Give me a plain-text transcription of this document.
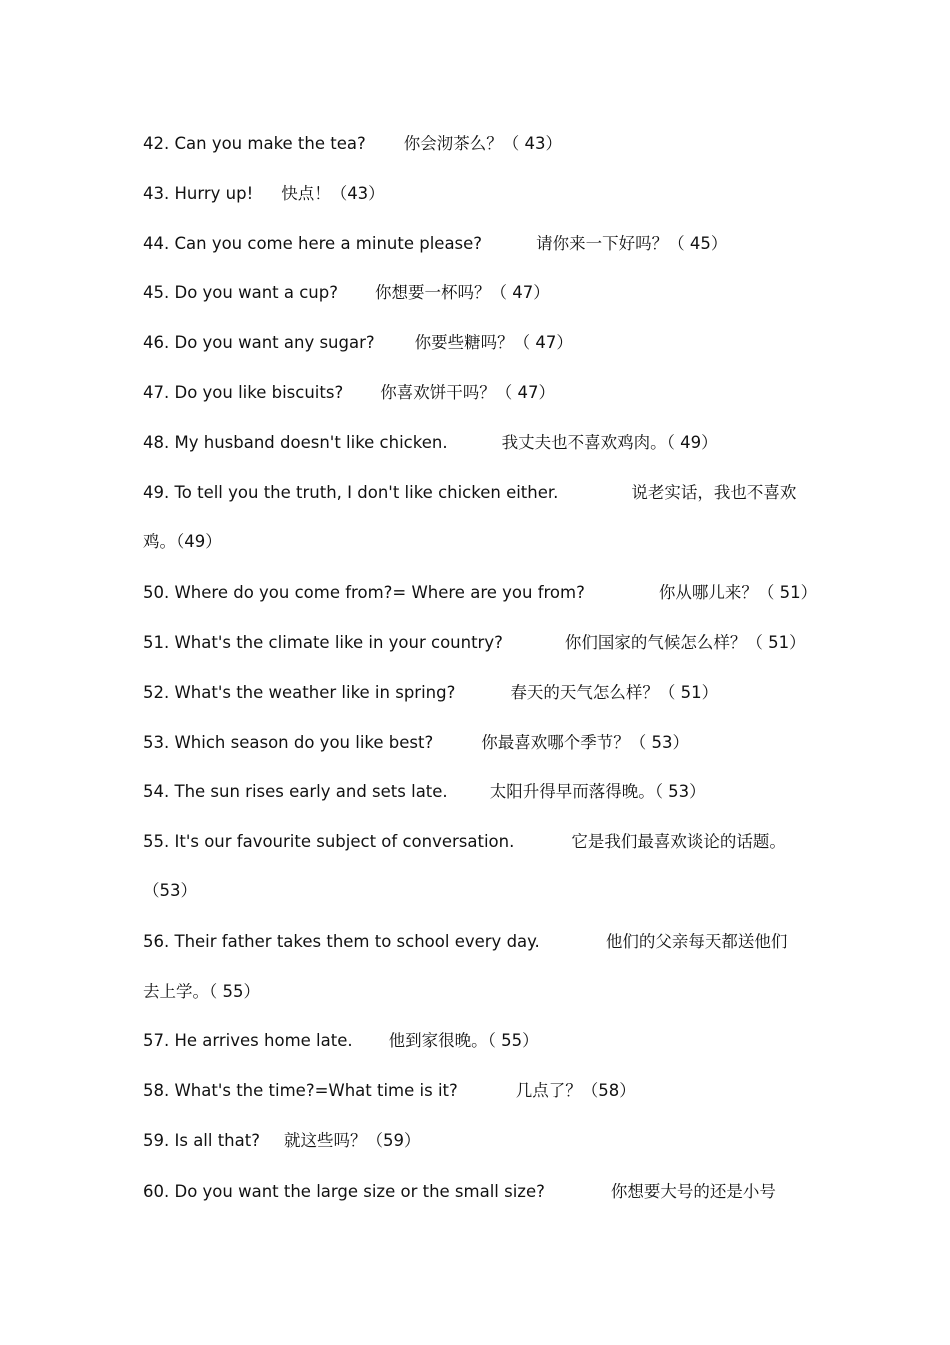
42. Can you make the tea? 你会沏茶么？（ 43）
43. Hurry up! 快点！（43）
44. Can you come here a minute please?	请你来一下好吗？（ 45）
45. Do you want a cup? 你想要一杯吗？（ 47）
46. Do you want any sugar? 你要些糖吗？（ 47）
47. Do you like biscuits? 你喜欢饼干吗？（ 47）
48. My husband doesn't like chicken.	我丈夫也不喜欢鸡肉。（ 49）
49. To tell you the truth, I don't like chicken either.	说老实话，我也不喜欢
鸡。（49）
50. Where do you come from?= Where are you from?	你从哪儿来？（ 51）
51. What's the climate like in your country?	你们国家的气候怎么样？（ 51）
52. What's the weather like in spring?	春天的天气怎么样？（ 51）
53. Which season do you like best?	你最喜欢哪个季节？（ 53）
54. The sun rises early and sets late.	太阳升得早而落得晚。（ 53）
55. It's our favourite subject of conversation.	它是我们最喜欢谈论的话题。
（53）
56. Their father takes them to school every day.	他们的父亲每天都送他们
去上学。（ 55）
57. He arrives home late. 他到家很晚。（ 55）
58. What's the time?=What time is it?	几点了？（58）
59. Is all that? 就这些吗？（59）
60. Do you want the large size or the small size?	你想要大号的还是小号
